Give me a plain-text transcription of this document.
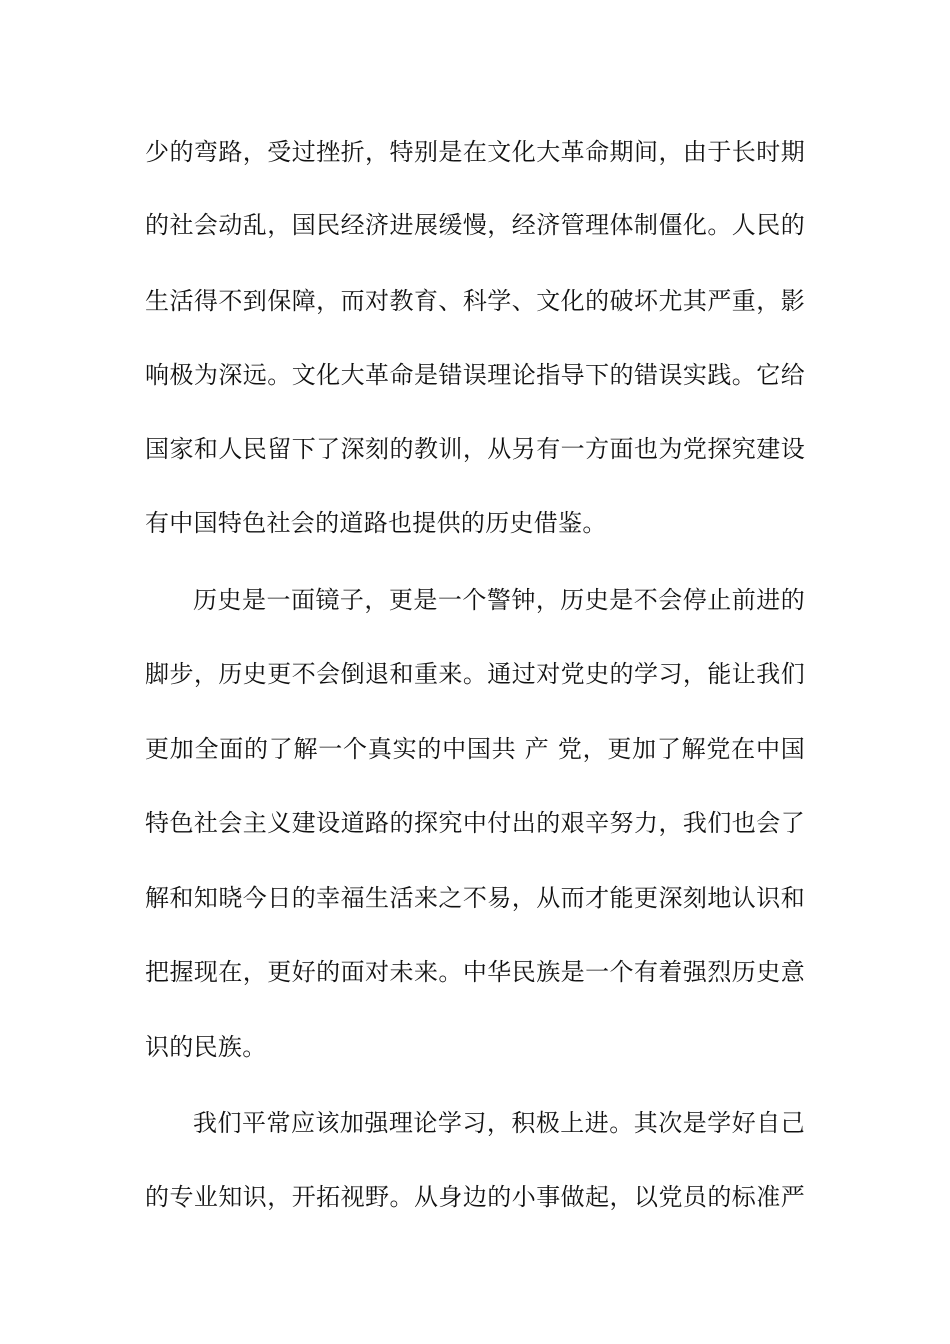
少的弯路，受过挫折，特别是在文化大革命期间，由于长时期
的社会动乱，国民经济进展缓慢，经济管理体制僵化。人民的
生活得不到保障，而对教育、科学、文化的破坏尤其严重，影
响极为深远。文化大革命是错误理论指导下的错误实践。它给
国家和人民留下了深刻的教训，从另有一方面也为党探究建设
有中国特色社会的道路也提供的历史借鉴。
历史是一面镜子，更是一个警钟，历史是不会停止前进的
脚步，历史更不会倒退和重来。通过对党史的学习，能让我们
更加全面的了解一个真实的中国共 产 党，更加了解党在中国
特色社会主义建设道路的探究中付出的艰辛努力，我们也会了
解和知晓今日的幸福生活来之不易，从而才能更深刻地认识和
把握现在，更好的面对未来。中华民族是一个有着强烈历史意
识的民族。
我们平常应该加强理论学习，积极上进。其次是学好自己
的专业知识，开拓视野。从身边的小事做起，以党员的标准严
